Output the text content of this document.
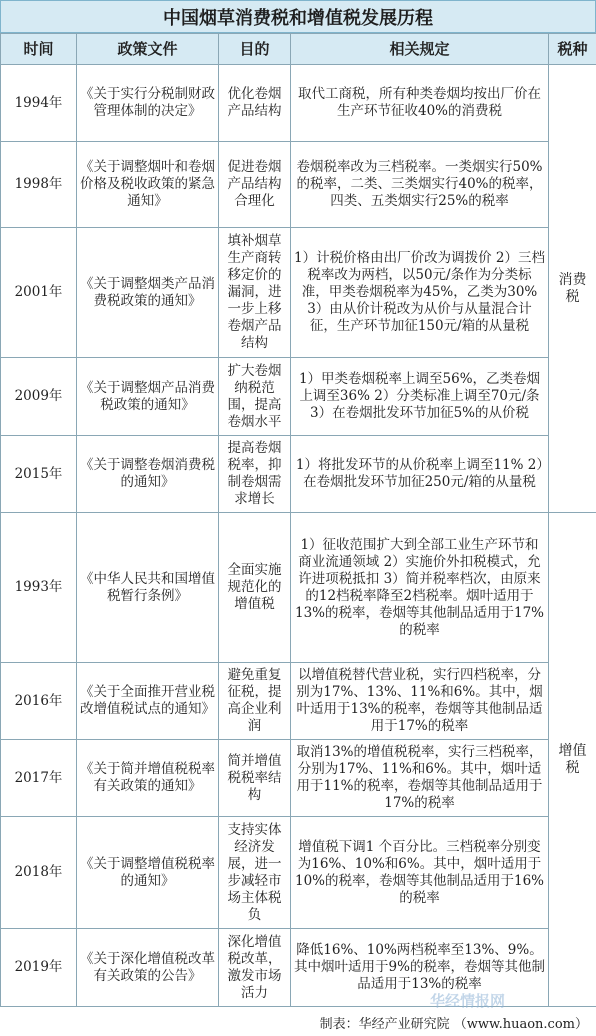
中国烟草消费税和增值税发展历程
时间	政策文件	目的	相关规定	税种
1994年	《关于实行分税制财政管理体制的决定》	优化卷烟产品结构	取代工商税，所有种类卷烟均按出厂价在生产环节征收40%的消费税	消费税
1998年	《关于调整烟叶和卷烟价格及税收政策的紧急通知》	促进卷烟产品结构合理化	卷烟税率改为三档税率。一类烟实行50%的税率，二类、三类烟实行40%的税率，四类、五类烟实行25%的税率	
2001年	《关于调整烟类产品消费税政策的通知》	填补烟草生产商转移定价的漏洞，进一步上移卷烟产品结构	1）计税价格由出厂价改为调拨价 2）三档税率改为两档，以50元/条作为分类标准，甲类卷烟税率为45%，乙类为30% 3）由从价计税改为从价与从量混合计征，生产环节加征150元/箱的从量税	
2009年	《关于调整烟产品消费税政策的通知》	扩大卷烟纳税范围，提高卷烟水平	1）甲类卷烟税率上调至56%，乙类卷烟上调至36% 2）分类标准上调至70元/条 3）在卷烟批发环节加征5%的从价税	
2015年	《关于调整卷烟消费税的通知》	提高卷烟税率，抑制卷烟需求增长	1）将批发环节的从价税率上调至11% 2）在卷烟批发环节加征250元/箱的从量税	
1993年	《中华人民共和国增值税暂行条例》	全面实施规范化的增值税	1）征收范围扩大到全部工业生产环节和商业流通领域 2）实施价外扣税模式，允许进项税抵扣 3）简并税率档次，由原来的12档税率降至2档税率。烟叶适用于13%的税率，卷烟等其他制品适用于17%的税率	增值税
2016年	《关于全面推开营业税改增值税试点的通知》	避免重复征税，提高企业利润	以增值税替代营业税，实行四档税率，分别为17%、13%、11%和6%。其中，烟叶适用于13%的税率，卷烟等其他制品适用于17%的税率	
2017年	《关于简并增值税税率有关政策的通知》	简并增值税税率结构	取消13%的增值税税率，实行三档税率，分别为17%、11%和6%。其中，烟叶适用于11%的税率，卷烟等其他制品适用于17%的税率	
2018年	《关于调整增值税税率的通知》	支持实体经济发展，进一步减轻市场主体税负	增值税下调1 个百分比。三档税率分别变为16%、10%和6%。其中，烟叶适用于10%的税率，卷烟等其他制品适用于16%的税率	
2019年	《关于深化增值税改革有关政策的公告》	深化增值税改革，激发市场活力	降低16%、10%两档税率至13%、9%。其中烟叶适用于9%的税率，卷烟等其他制品适用于13%的税率	
华经情报网
制表：华经产业研究院 （www.huaon.com）
